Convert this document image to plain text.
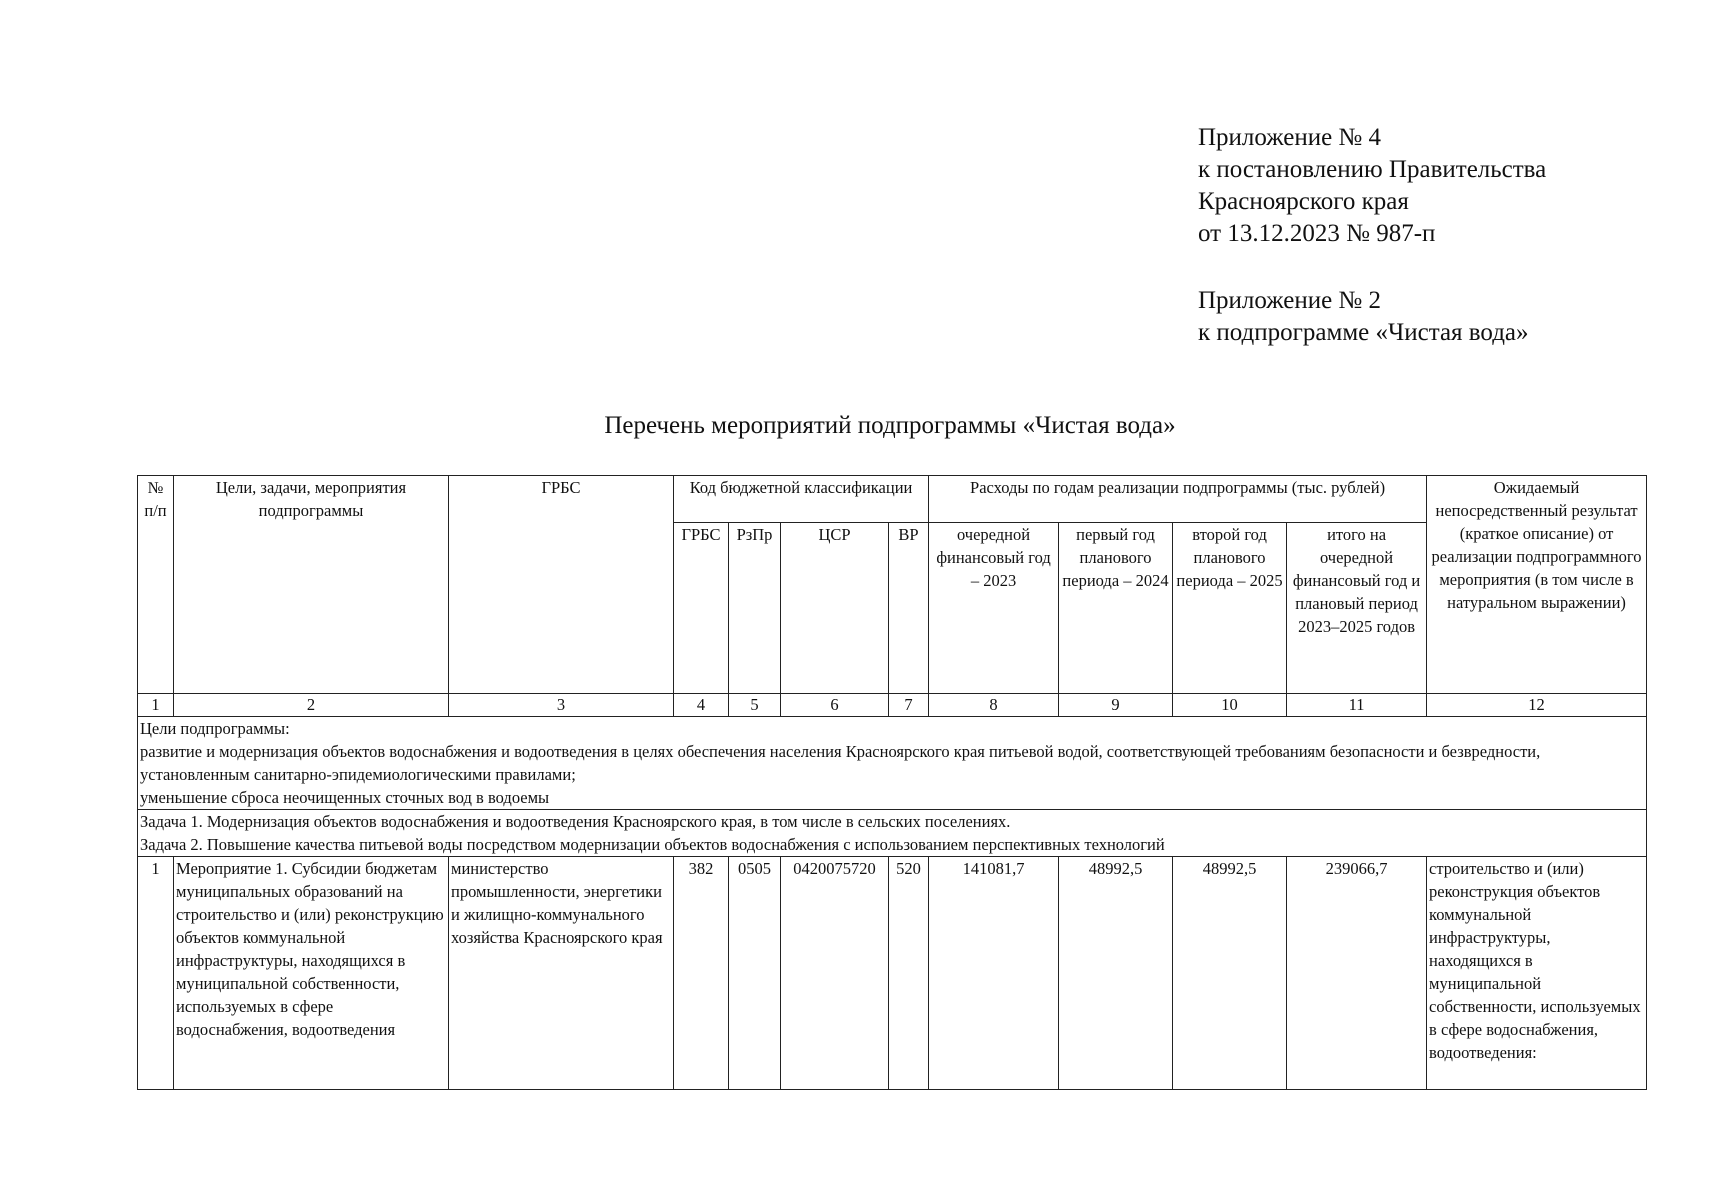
Приложение № 4
к постановлению Правительства
Красноярского края
от 13.12.2023 № 987-п
Приложение № 2
к подпрограмме «Чистая вода»
Перечень мероприятий подпрограммы «Чистая вода»
№ п/п	Цели, задачи, мероприятия подпрограммы	ГРБС	Код бюджетной классификации				Расходы по годам реализации подпрограммы (тыс. рублей)				Ожидаемый непосредственный результат (краткое описание) от реализации подпрограммного мероприятия (в том числе в натуральном выражении)
			ГРБС	РзПр	ЦСР	ВР	очередной финансовый год – 2023	первый год планового периода – 2024	второй год планового периода – 2025	итого на очередной финансовый год и плановый период 2023–2025 годов	
1	2	3	4	5	6	7	8	9	10	11	12

Цели подпрограммы:
развитие и модернизация объектов водоснабжения и водоотведения в целях обеспечения населения Красноярского края питьевой водой, соответствующей требованиям безопасности и безвредности, установленным санитарно-эпидемиологическими правилами;
уменьшение сброса неочищенных сточных вод в водоемы											

Задача 1. Модернизация объектов водоснабжения и водоотведения Красноярского края, в том числе в сельских поселениях.
Задача 2. Повышение качества питьевой воды посредством модернизации объектов водоснабжения с использованием перспективных технологий											

1	Мероприятие 1. Субсидии бюджетам муниципальных образований на строительство и (или) реконструкцию объектов коммунальной инфраструктуры, находящихся в муниципальной собственности, используемых в сфере водоснабжения, водоотведения	министерство промышленности, энергетики и жилищно-коммунального хозяйства Красноярского края	382	0505	0420075720	520	141081,7	48992,5	48992,5	239066,7	строительство и (или) реконструкция объектов коммунальной инфраструктуры, находящихся в муниципальной собственности, используемых в сфере водоснабжения, водоотведения:
